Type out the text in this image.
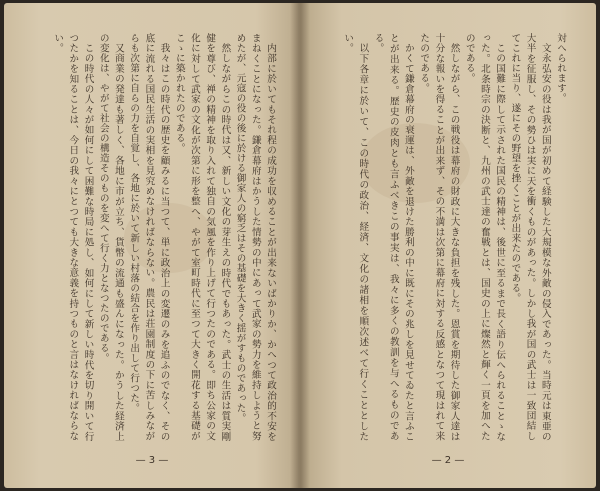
内部に於いてもそれ程の成功を収めることが出来ないばかりか、かへつて政治的不安をまねくことになった。鎌倉幕府はかうした情勢の中にあって武家の勢力を維持しようと努めたが、元寇の役の後に於ける御家人の窮乏はその基礎を大きく揺がすものであった。

然しながらこの時代は又、新しい文化の芽生えの時代でもあった。武士の生活は質実剛健を尊び、禅の精神を取り入れて独自の気風を作り上げて行つたのである。即ち公家の文化に対して武家の文化が次第に形を整へ、やがて室町時代に至つて大きく開花する基礎がこゝに築かれたのである。

我々はこの時代の歴史を顧みるに当つて、単に政治上の変遷のみを追ふのでなく、その底に流れる国民生活の実相を見究めなければならない。農民は荘園制度の下に苦しみながらも次第に自らの力を自覚し、各地に於いて新しい村落の結合を作り出して行つた。

又商業の発達も著しく、各地に市が立ち、貨幣の流通も盛んになった。かうした経済上の変化は、やがて社会の構造そのものを変へて行く力となつたのである。

この時代の人々が如何にして困難な時局に処し、如何にして新しい時代を切り開いて行つたかを知ることは、今日の我々にとつても大きな意義を持つものと言はなければならない。

— 3 —

対へられます。

文永弘安の役は我が国が初めて経験した大規模な外敵の侵入であった。当時元は東亜の大半を征服し、その勢ひは実に天を衝くものがあった。しかし我が国の武士は一致団結してこれに当り、遂にその野望を挫くことが出来たのである。

この国難に際して示された国民の精神は、後世に至るまで長く語り伝へられることゝなった。北条時宗の決断と、九州の武士達の奮戦とは、国史の上に燦然と輝く一頁を加へたのである。

然しながら、この戦役は幕府の財政に大きな負担を残した。恩賞を期待した御家人達は十分な報いを得ることが出来ず、その不満は次第に幕府に対する反感となつて現はれて来たのである。

かくて鎌倉幕府の衰運は、外敵を退けた勝利の中に既にその兆しを見せてゐたと言ふことが出来る。歴史の皮肉とも言ふべきこの事実は、我々に多くの教訓を与へるものである。

以下各章に於いて、この時代の政治、経済、文化の諸相を順次述べて行くこととしたい。

— 2 —
